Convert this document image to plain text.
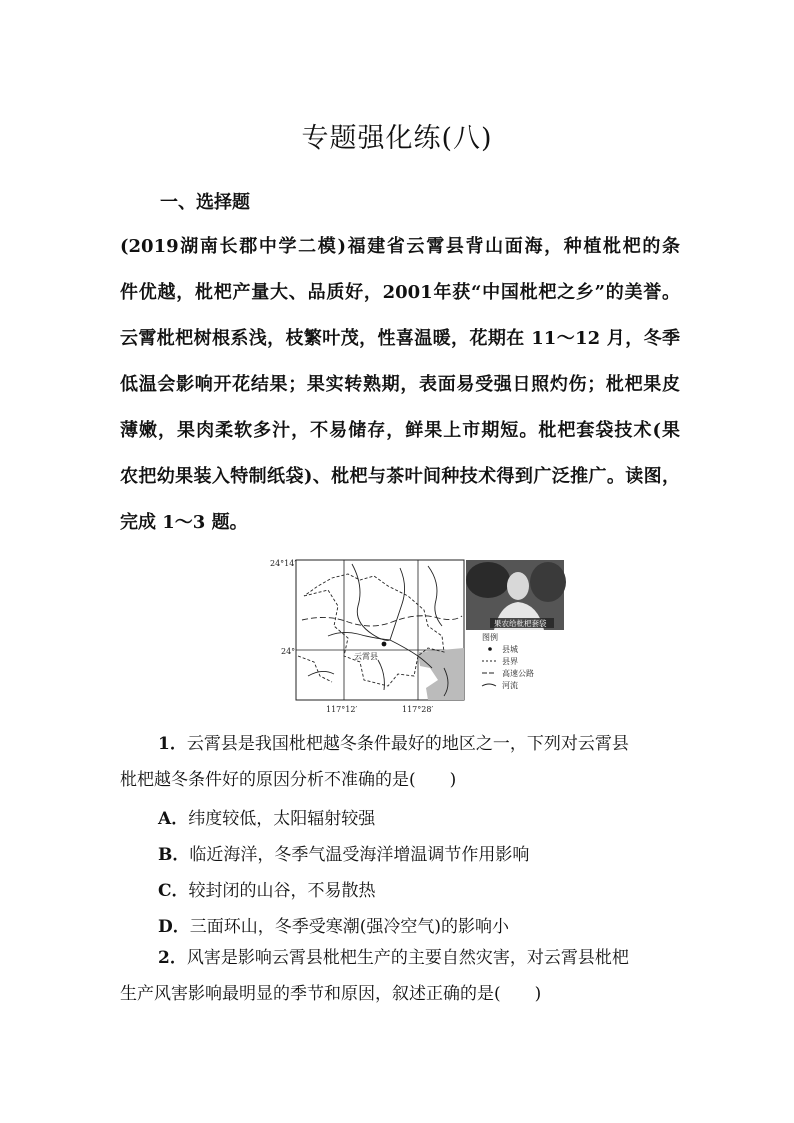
专题强化练(八)
一、选择题
(2019湖南长郡中学二模)福建省云霄县背山面海，种植枇杷的条
件优越，枇杷产量大、品质好，2001年获“中国枇杷之乡”的美誉。
云霄枇杷树根系浅，枝繁叶茂，性喜温暖，花期在 11～12 月，冬季
低温会影响开花结果；果实转熟期，表面易受强日照灼伤；枇杷果皮
薄嫩，果肉柔软多汁，不易储存，鲜果上市期短。枇杷套袋技术(果
农把幼果装入特制纸袋)、枇杷与茶叶间种技术得到广泛推广。读图，
完成 1～3 题。
云霄县
24°14′
24°
117°12′	117°28′
果农给枇杷套袋
图例
县城
县界
高速公路
河流
1．云霄县是我国枇杷越冬条件最好的地区之一，下列对云霄县
枇杷越冬条件好的原因分析不准确的是( )
A．纬度较低，太阳辐射较强
B．临近海洋，冬季气温受海洋增温调节作用影响
C．较封闭的山谷，不易散热
D．三面环山，冬季受寒潮(强冷空气)的影响小
2．风害是影响云霄县枇杷生产的主要自然灾害，对云霄县枇杷
生产风害影响最明显的季节和原因，叙述正确的是( )
